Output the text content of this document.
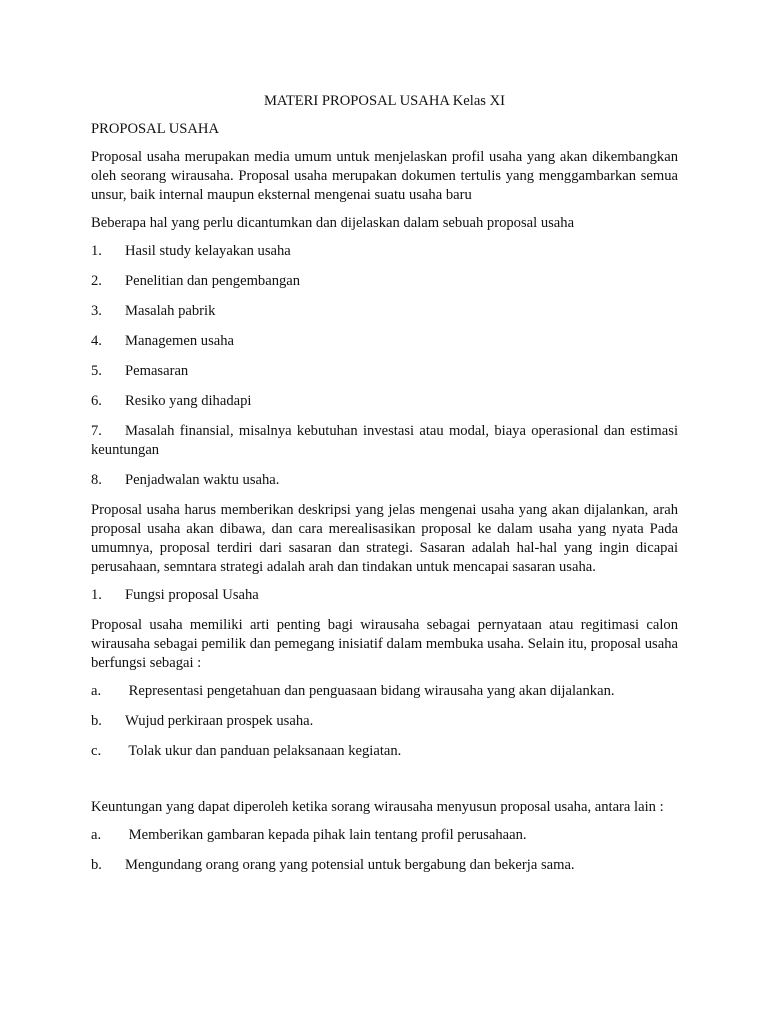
MATERI PROPOSAL USAHA Kelas XI

PROPOSAL USAHA

Proposal usaha merupakan media umum untuk menjelaskan profil usaha yang akan dikembangkan oleh seorang wirausaha. Proposal usaha merupakan dokumen tertulis yang menggambarkan semua unsur, baik internal maupun eksternal mengenai suatu usaha baru

Beberapa hal yang perlu dicantumkan dan dijelaskan dalam sebuah proposal usaha

1.	Hasil study kelayakan usaha
2.	Penelitian dan pengembangan
3.	Masalah pabrik
4.	Managemen usaha
5.	Pemasaran
6.	Resiko yang dihadapi
7. Masalah finansial, misalnya kebutuhan investasi atau modal, biaya operasional dan estimasi keuntungan
8.	Penjadwalan waktu usaha.

Proposal usaha harus memberikan deskripsi yang jelas mengenai usaha yang akan dijalankan, arah proposal usaha akan dibawa, dan cara merealisasikan proposal ke dalam usaha yang nyata Pada umumnya, proposal terdiri dari sasaran dan strategi. Sasaran adalah hal-hal yang ingin dicapai perusahaan, semntara strategi adalah arah dan tindakan untuk mencapai sasaran usaha.

1.	Fungsi proposal Usaha

Proposal usaha memiliki arti penting bagi wirausaha sebagai pernyataan atau regitimasi calon wirausaha sebagai pemilik dan pemegang inisiatif dalam membuka usaha. Selain itu, proposal usaha berfungsi sebagai :

a.	Representasi pengetahuan dan penguasaan bidang wirausaha yang akan dijalankan.
b.	Wujud perkiraan prospek usaha.
c.	Tolak ukur dan panduan pelaksanaan kegiatan.

Keuntungan yang dapat diperoleh ketika sorang wirausaha menyusun proposal usaha, antara lain :

a.	Memberikan gambaran kepada pihak lain tentang profil perusahaan.
b.	Mengundang orang orang yang potensial untuk bergabung dan bekerja sama.
